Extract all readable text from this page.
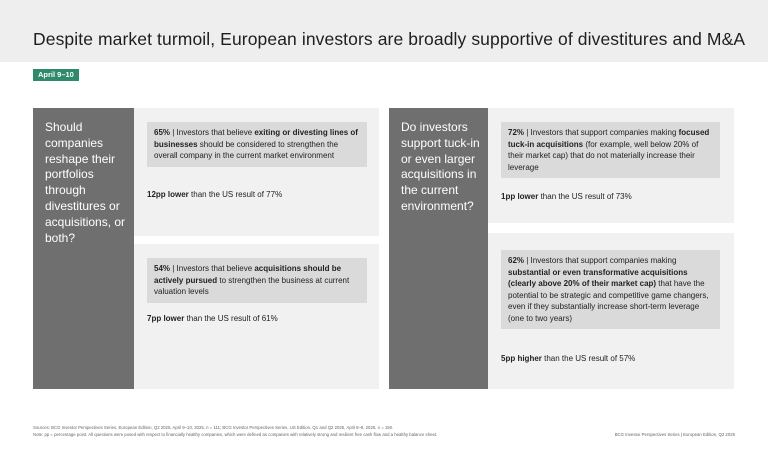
Despite market turmoil, European investors are broadly supportive of divestitures and M&A
April 9–10
Should companies reshape their portfolios through divestitures or acquisitions, or both?
65% | Investors that believe exiting or divesting lines of businesses should be considered to strengthen the overall company in the current market environment
12pp lower than the US result of 77%
54% | Investors that believe acquisitions should be actively pursued to strengthen the business at current valuation levels
7pp lower than the US result of 61%
Do investors support tuck-in or even larger acquisitions in the current environment?
72% | Investors that support companies making focused tuck-in acquisitions (for example, well below 20% of their market cap) that do not materially increase their leverage
1pp lower than the US result of 73%
62% | Investors that support companies making substantial or even transformative acquisitions (clearly above 20% of their market cap) that have the potential to be strategic and competitive game changers, even if they substantially increase short-term leverage (one to two years)
5pp higher than the US result of 57%
Sources: BCG Investor Perspectives Series, European Edition, Q2 2025, April 9–10, 2025, n = 111; BCG Investor Perspectives Series, US Edition, Q1 and Q2 2025, April 8–9, 2025, n = 150.
Note: pp = percentage point. All questions were posed with respect to financially healthy companies, which were defined as companies with relatively strong and resilient free cash flow and a healthy balance sheet.	BCG Investor Perspectives Series | European Edition, Q2 2025
